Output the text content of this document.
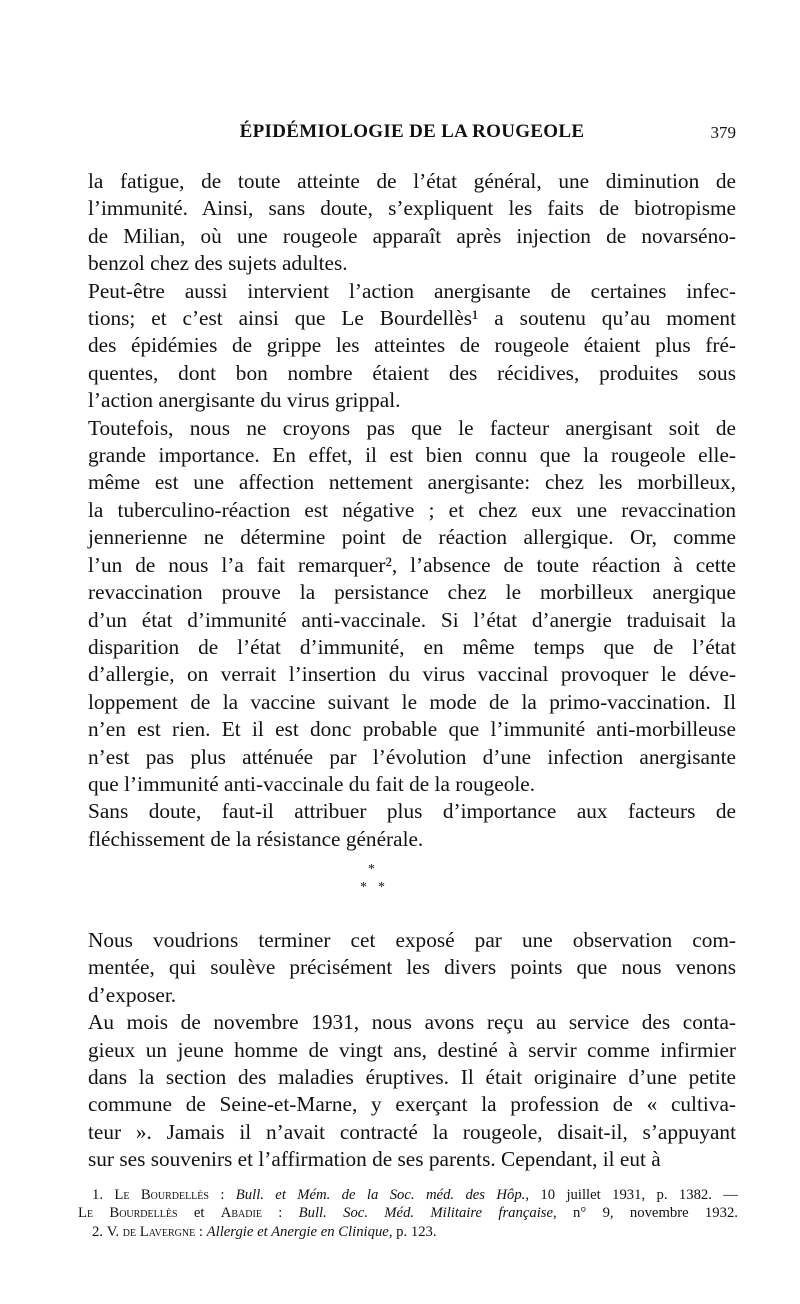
ÉPIDÉMIOLOGIE DE LA ROUGEOLE	379

la fatigue, de toute atteinte de l’état général, une diminution de
l’immunité. Ainsi, sans doute, s’expliquent les faits de biotropisme
de Milian, où une rougeole apparaît après injection de novarséno-
benzol chez des sujets adultes.

Peut-être aussi intervient l’action anergisante de certaines infec-
tions; et c’est ainsi que Le Bourdellès¹ a soutenu qu’au moment
des épidémies de grippe les atteintes de rougeole étaient plus fré-
quentes, dont bon nombre étaient des récidives, produites sous
l’action anergisante du virus grippal.

Toutefois, nous ne croyons pas que le facteur anergisant soit de
grande importance. En effet, il est bien connu que la rougeole elle-
même est une affection nettement anergisante: chez les morbilleux,
la tuberculino-réaction est négative ; et chez eux une revaccination
jennerienne ne détermine point de réaction allergique. Or, comme
l’un de nous l’a fait remarquer², l’absence de toute réaction à cette
revaccination prouve la persistance chez le morbilleux anergique
d’un état d’immunité anti-vaccinale. Si l’état d’anergie traduisait la
disparition de l’état d’immunité, en même temps que de l’état
d’allergie, on verrait l’insertion du virus vaccinal provoquer le déve-
loppement de la vaccine suivant le mode de la primo-vaccination. Il
n’en est rien. Et il est donc probable que l’immunité anti-morbilleuse
n’est pas plus atténuée par l’évolution d’une infection anergisante
que l’immunité anti-vaccinale du fait de la rougeole.

Sans doute, faut-il attribuer plus d’importance aux facteurs de
fléchissement de la résistance générale.

*
* *

Nous voudrions terminer cet exposé par une observation com-
mentée, qui soulève précisément les divers points que nous venons
d’exposer.

Au mois de novembre 1931, nous avons reçu au service des conta-
gieux un jeune homme de vingt ans, destiné à servir comme infirmier
dans la section des maladies éruptives. Il était originaire d’une petite
commune de Seine-et-Marne, y exerçant la profession de « cultiva-
teur ». Jamais il n’avait contracté la rougeole, disait-il, s’appuyant
sur ses souvenirs et l’affirmation de ses parents. Cependant, il eut à

1. Le Bourdellès : Bull. et Mém. de la Soc. méd. des Hôp., 10 juillet 1931, p. 1382. —
Le Bourdellès et Abadie : Bull. Soc. Méd. Militaire française, n° 9, novembre 1932.
2. V. de Lavergne : Allergie et Anergie en Clinique, p. 123.
